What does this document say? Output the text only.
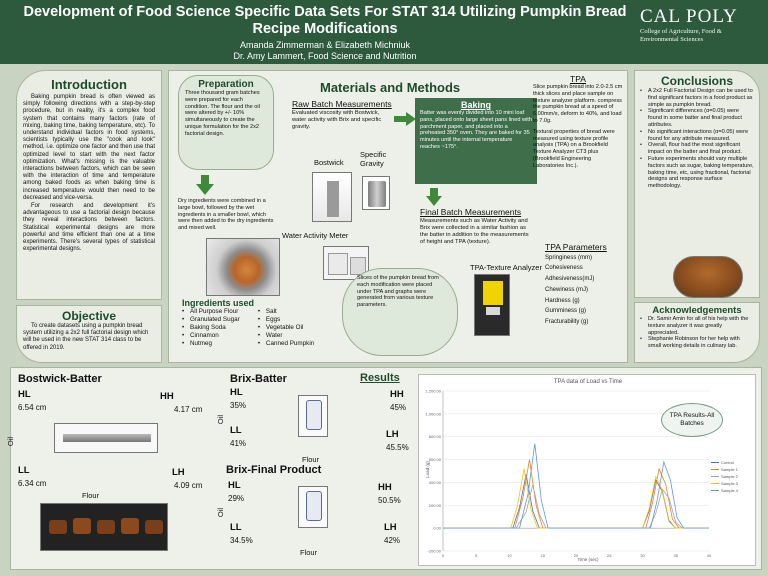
Development of Food Science Specific Data Sets For STAT 314 Utilizing Pumpkin Bread Recipe Modifications
Amanda Zimmerman & Elizabeth Michniuk
Dr. Amy Lammert, Food Science and Nutrition
CAL POLY
College of Agriculture, Food & Environmental Sciences
Introduction
Baking pumpkin bread is often viewed as simply following directions with a step-by-step procedure, but in reality, it's a complex food system that contains many factors (rate of mixing, baking time, baking temperature, etc). To understand individual factors in food systems, scientists typically use the "cook and look" method, i.e. optimize one factor and then use that optimized level to start with the next factor optimization. What's missing is the valuable interactions between factors, which can be seen with the interaction of time and temperature among baked foods as when baking time is increased temperature would then need to be decreased and vice-versa.
For research and development it's advantageous to use a factorial design because they reveal interactions between factors. Statistical experimental designs are more powerful and time efficient than one at a time experiments. There's several types of statistical experimental designs.
Objective
To create datasets using a pumpkin bread system utilizing a 2x2 full factorial design which will be used in the new STAT 314 class to be offered in 2019.
Materials and Methods
Preparation
Three thousand gram batches were prepared for each condition. The flour and the oil were altered by +/- 10% simultaneously to create the unique formulation for the 2x2 factorial design.
Dry ingredients were combined in a large bowl, followed by the wet ingredients in a smaller bowl, which were then added to the dry ingredients and mixed well.
Ingredients used
• All Purpose Flour
• Granulated Sugar
• Baking Soda
• Cinnamon
• Nutmeg
• Salt
• Eggs
• Vegetable Oil
• Water
• Canned Pumpkin
Raw Batch Measurements
Evaluated viscosity with Bostwick, water activity with Brix and specific gravity.
Bostwick
Specific Gravity
Water Activity Meter
Baking
Batter was evenly divided into 10 mini loaf pans, placed onto large sheet pans lined with parchment paper, and placed into a preheated 350° oven. They are baked for 35 minutes until the internal temperature reaches ~175°.
Final Batch Measurements
Measurements such as Water Activity and Brix were collected in a similar fashion as the batter in addition to the measurements of height and TPA (texture).
TPA-Texture Analyzer
Slices of the pumpkin bread from each modification were placed under TPA and graphs were generated from various texture parameters.
TPA
Slice pumpkin bread into 2.0-2.5 cm thick slices and place sample on texture analyzer platform. compress the pumpkin bread at a speed of 6.00mm/s, deform to 40%, and load to 7.0g.
Textural properties of bread were measured using texture profile analysis (TPA) on a Brookfield Texture Analyzer CT3 plus (Brookfield Engineering Laboratories Inc.).
TPA Parameters
Springiness (mm)
Cohesiveness
Adhesiveness(mJ)
Chewiness (mJ)
Hardness (g)
Gumminess (g)
Fracturability (g)
Conclusions
• A 2x2 Full Factorial Design can be used to find significant factors in a food product as simple as pumpkin bread.
• Significant differences (α=0.05) were found in some batter and final product attributes.
• No significant interactions (α=0.05) were found for any attribute measured.
• Overall, flour had the most significant impact on the batter and final product.
• Future experiments should vary multiple factors such as sugar, baking temperature, baking time, etc, using fractional, factorial designs and response surface methodology.
Acknowledgements
• Dr. Samir Amin for all of his help with the texture analyzer it was greatly appreciated.
• Stephanie Robinson for her help with small working details in culinary lab.
Results
Bostwick-Batter
HL
6.54 cm
HH
4.17 cm
LL
6.34 cm
LH
4.09 cm
Flour
Oil
Brix-Batter
HL
35%
HH
45%
LL
41%
LH
45.5%
Flour
Oil
Brix-Final Product
HL
29%
HH
50.5%
LL
34.5%
LH
42%
Flour
Oil
-200.00
0.00
200.00
400.00
600.00
800.00
1,000.00
1,200.00
0	5	10	15	20	25	30	35	40
TPA data of Load vs Time
Time (sec)
Load (g)
TPA Results-All Batches
Control
Sample 1
Sample 2
Sample 3
Sample 4
